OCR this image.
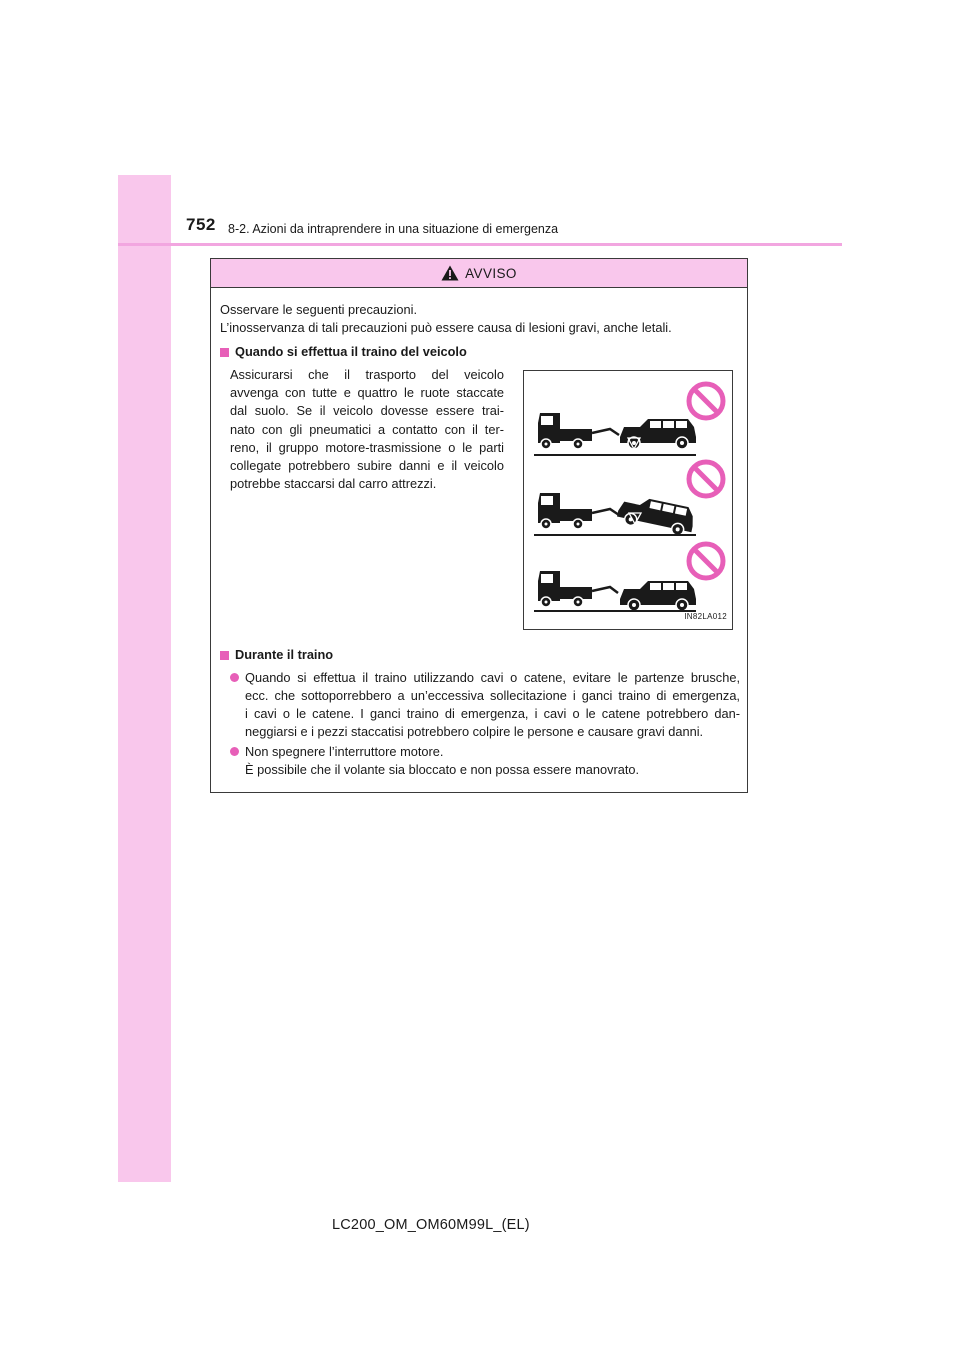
752 8-2. Azioni da intraprendere in una situazione di emergenza
AVVISO
Osservare le seguenti precauzioni.
L’inosservanza di tali precauzioni può essere causa di lesioni gravi, anche letali.
Quando si effettua il traino del veicolo
Assicurarsi che il trasporto del veicolo
avvenga con tutte e quattro le ruote staccate
dal suolo. Se il veicolo dovesse essere trai-
nato con gli pneumatici a contatto con il ter-
reno, il gruppo motore-trasmissione o le parti
collegate potrebbero subire danni e il veicolo
potrebbe staccarsi dal carro attrezzi.
IN82LA012
Durante il traino
Quando si effettua il traino utilizzando cavi o catene, evitare le partenze brusche,
ecc. che sottoporrebbero a un’eccessiva sollecitazione i ganci traino di emergenza,
i cavi o le catene. I ganci traino di emergenza, i cavi o le catene potrebbero dan-
neggiarsi e i pezzi staccatisi potrebbero colpire le persone e causare gravi danni.
Non spegnere l’interruttore motore.
È possibile che il volante sia bloccato e non possa essere manovrato.
LC200_OM_OM60M99L_(EL)
